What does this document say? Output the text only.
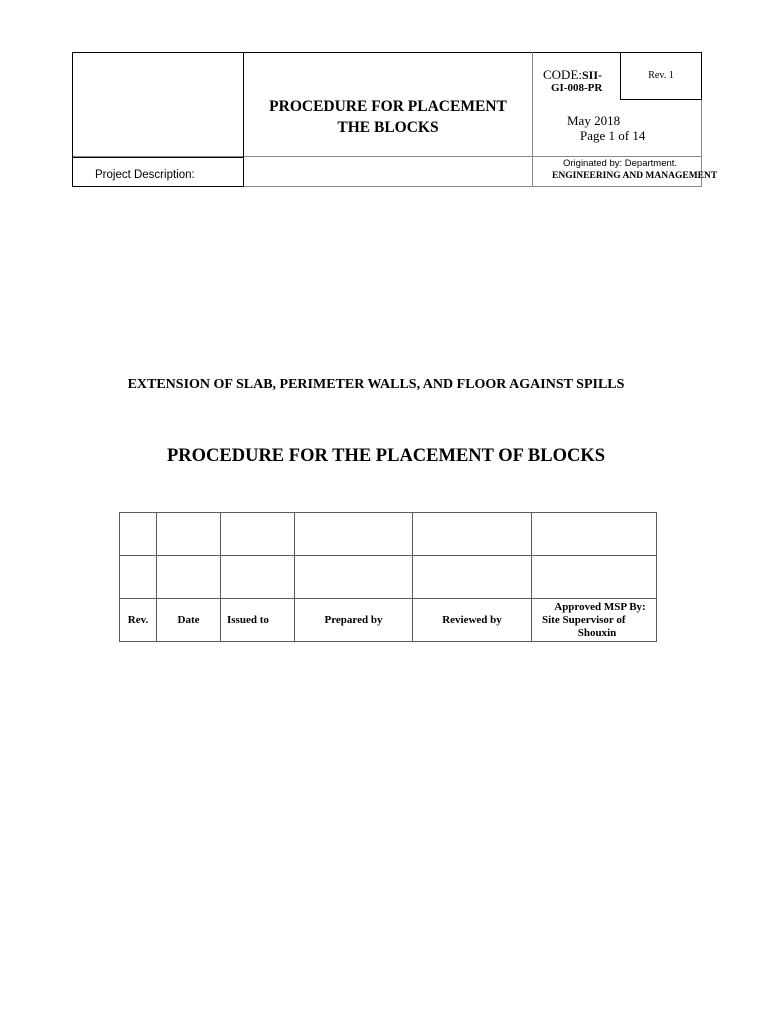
PROCEDURE FOR PLACEMENT
THE BLOCKS
CODE:SII-
GI-008-PR
Rev. 1
May 2018
Page 1 of 14
Project Description:
Originated by: Department.
ENGINEERING AND MANAGEMENT
EXTENSION OF SLAB, PERIMETER WALLS, AND FLOOR AGAINST SPILLS
PROCEDURE FOR THE PLACEMENT OF BLOCKS

Rev.	Date	Issued to	Prepared by	Reviewed by	Approved MSP By:
Site Supervisor of
Shouxin
